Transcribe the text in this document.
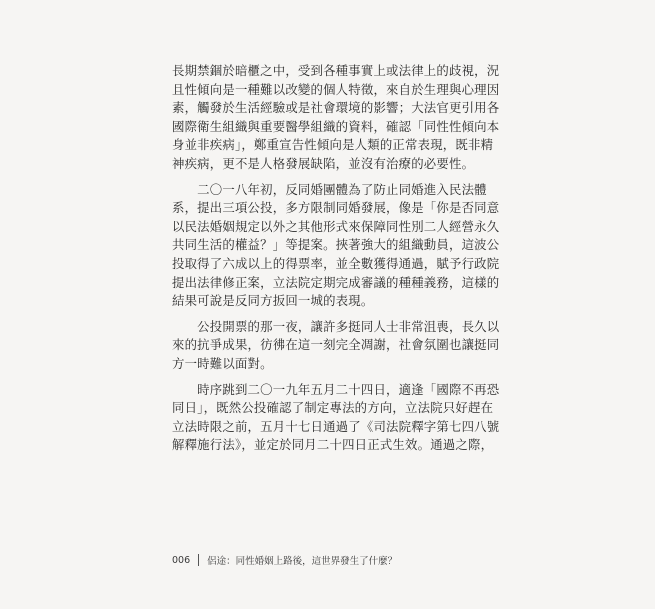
長期禁錮於暗櫃之中，受到各種事實上或法律上的歧視，況
且性傾向是一種難以改變的個人特徵，來自於生理與心理因
素，觸發於生活經驗或是社會環境的影響；大法官更引用各
國際衛生組織與重要醫學組織的資料，確認「同性性傾向本
身並非疾病」，鄭重宣告性傾向是人類的正常表現，既非精
神疾病，更不是人格發展缺陷，並沒有治療的必要性。
　　二〇一八年初，反同婚團體為了防止同婚進入民法體
系，提出三項公投，多方限制同婚發展，像是「你是否同意
以民法婚姻規定以外之其他形式來保障同性別二人經營永久
共同生活的權益？」等提案。挾著強大的組織動員，這波公
投取得了六成以上的得票率，並全數獲得通過，賦予行政院
提出法律修正案，立法院定期完成審議的種種義務，這樣的
結果可說是反同方扳回一城的表現。
　　公投開票的那一夜，讓許多挺同人士非常沮喪，長久以
來的抗爭成果，彷彿在這一刻完全凋謝，社會氛圍也讓挺同
方一時難以面對。
　　時序跳到二〇一九年五月二十四日，適逢「國際不再恐
同日」，既然公投確認了制定專法的方向，立法院只好趕在
立法時限之前，五月十七日通過了《司法院釋字第七四八號
解釋施行法》，並定於同月二十四日正式生效。通過之際，
006 侶途：同性婚姻上路後，這世界發生了什麼？
